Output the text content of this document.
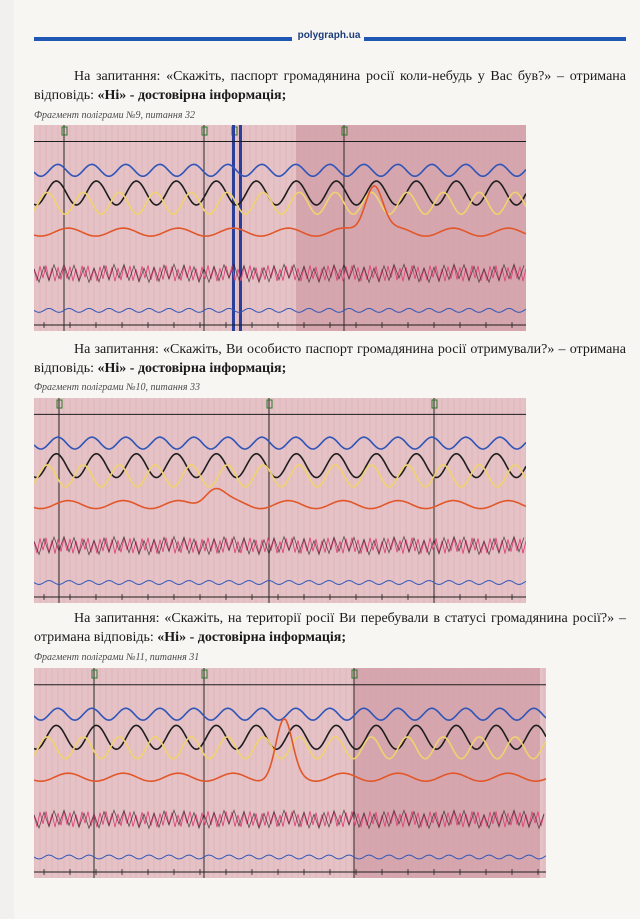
polygraph.ua
На запитання: «Скажіть, паспорт громадянина росії коли-небудь у Вас був?» – отримана відповідь: «Ні» - достовірна інформація;
Фрагмент поліграми №9, питання 32
На запитання: «Скажіть, Ви особисто паспорт громадянина росії отримували?» – отримана відповідь: «Ні» - достовірна інформація;
Фрагмент поліграми №10, питання 33
На запитання: «Скажіть, на території росії Ви перебували в статусі громадянина росії?» – отримана відповідь: «Ні» - достовірна інформація;
Фрагмент поліграми №11, питання 31
